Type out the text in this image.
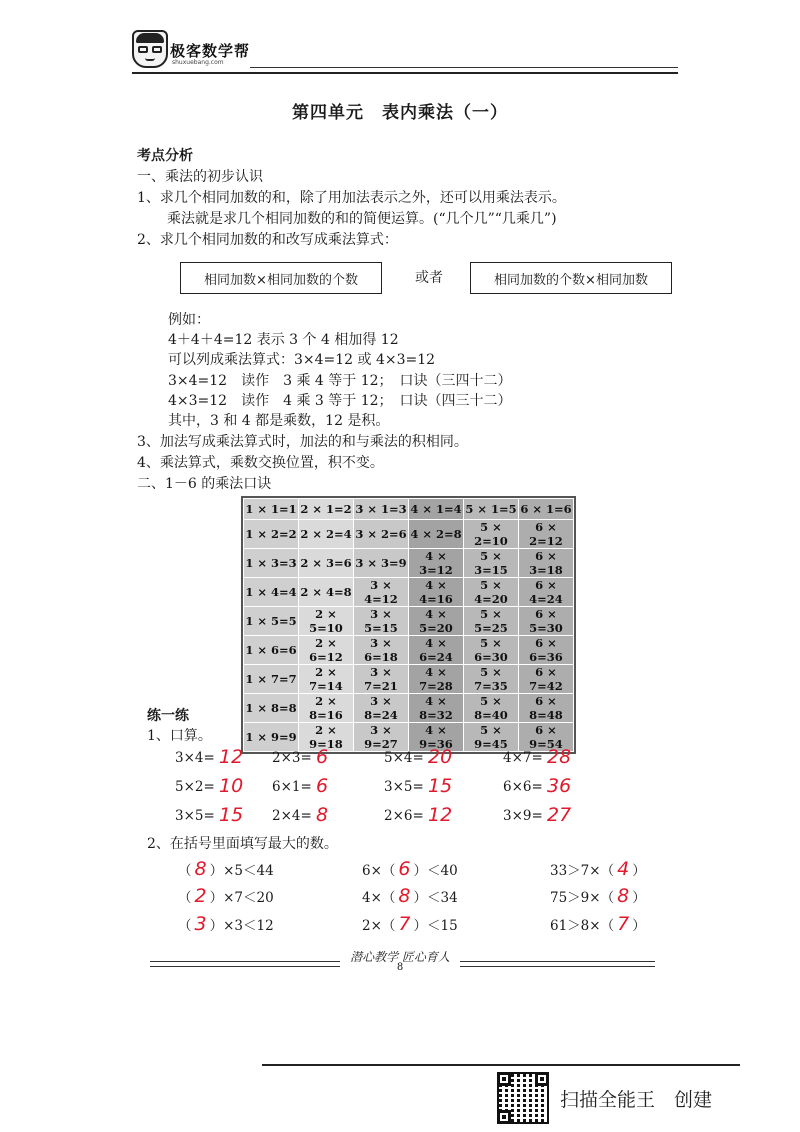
极客数学帮
shuxuebang.com
第四单元　表内乘法（一）
考点分析
一、乘法的初步认识
1、求几个相同加数的和，除了用加法表示之外，还可以用乘法表示。
乘法就是求几个相同加数的和的简便运算。(“几个几”“几乘几”)
2、求几个相同加数的和改写成乘法算式：
相同加数×相同加数的个数	或者	相同加数的个数×相同加数
例如：
4＋4＋4=12 表示 3 个 4 相加得 12
可以列成乘法算式：3×4=12 或 4×3=12
3×4=12　读作　3 乘 4 等于 12；　口诀（三四十二）
4×3=12　读作　4 乘 3 等于 12；　口诀（四三十二）
其中，3 和 4 都是乘数，12 是积。
3、加法写成乘法算式时，加法的和与乘法的积相同。
4、乘法算式，乘数交换位置，积不变。
二、1－6 的乘法口诀
1 × 1=1	2 × 1=2	3 × 1=3	4 × 1=4	5 × 1=5	6 × 1=6
1 × 2=2	2 × 2=4	3 × 2=6	4 × 2=8	5 × 2=10	6 × 2=12
1 × 3=3	2 × 3=6	3 × 3=9	4 × 3=12	5 × 3=15	6 × 3=18
1 × 4=4	2 × 4=8	3 × 4=12	4 × 4=16	5 × 4=20	6 × 4=24
1 × 5=5	2 × 5=10	3 × 5=15	4 × 5=20	5 × 5=25	6 × 5=30
1 × 6=6	2 × 6=12	3 × 6=18	4 × 6=24	5 × 6=30	6 × 6=36
1 × 7=7	2 × 7=14	3 × 7=21	4 × 7=28	5 × 7=35	6 × 7=42
1 × 8=8	2 × 8=16	3 × 8=24	4 × 8=32	5 × 8=40	6 × 8=48
1 × 9=9	2 × 9=18	3 × 9=27	4 × 9=36	5 × 9=45	6 × 9=54
练一练
1、口算。
3×4= 12 2×3= 6	5×4= 20	4×7= 28
5×2= 10 6×1= 6	3×5= 15	6×6= 36
3×5= 15 2×4= 8	2×6= 12	3×9= 27
2、在括号里面填写最大的数。
（ 8 ）×5＜44	6×（ 6 ）＜40	33＞7×（ 4 ）
（ 2 ）×7＜20	4×（ 8 ）＜34	75＞9×（ 8 ）
（ 3 ）×3＜12	2×（ 7 ）＜15	61＞8×（ 7 ）
潜心教学 匠心育人
8
扫描全能王　创建
